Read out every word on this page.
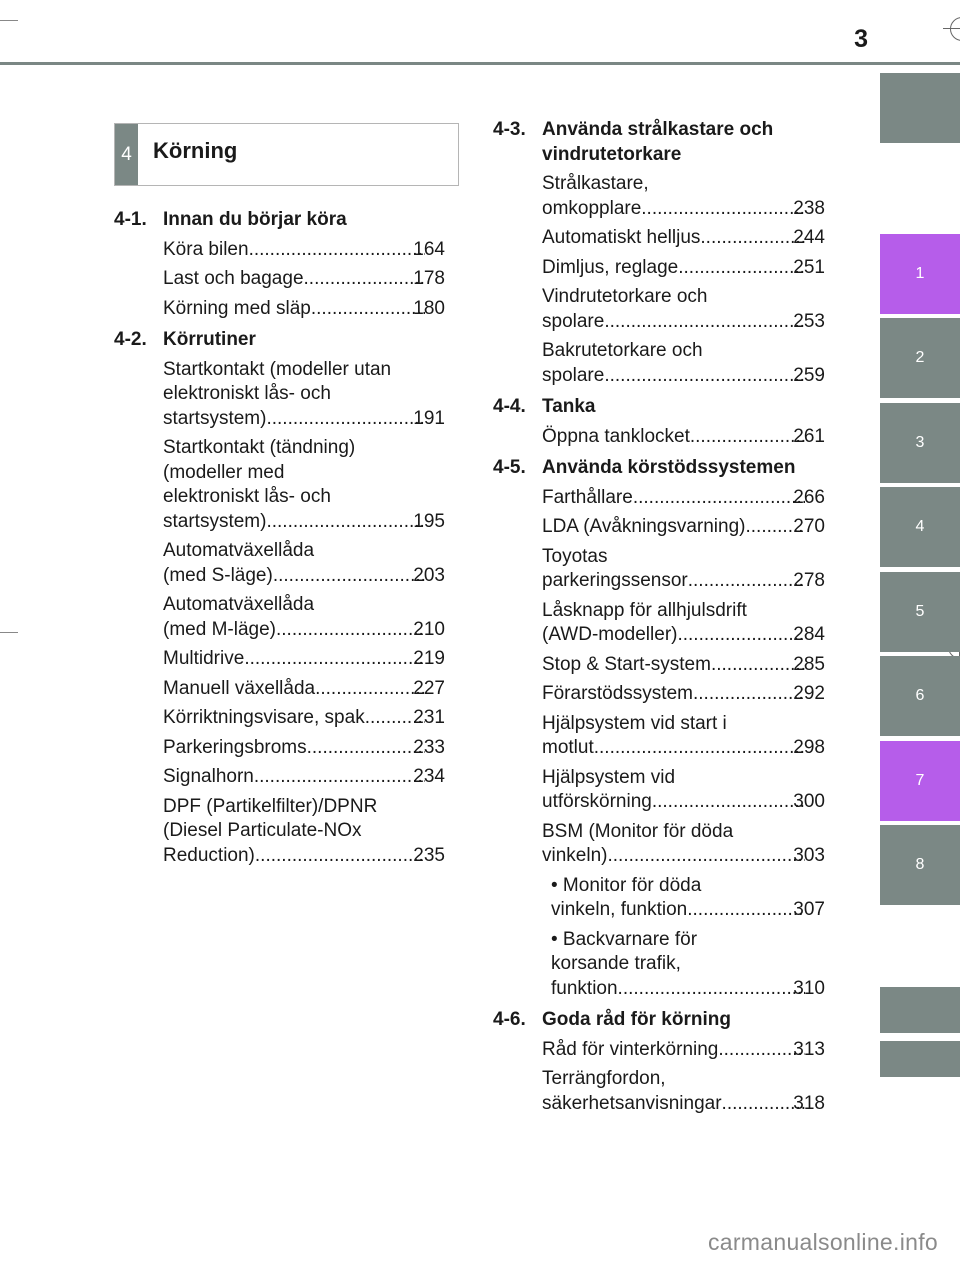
3
1
2
3
4
5
6
7
8
4 Körning
4-1. Innan du börjar köra
Köra bilen .....	164
Last och bagage .....	178
Körning med släp .....	180
4-2. Körrutiner
Startkontakt (modeller utan
elektroniskt lås- och
startsystem) .....	191
Startkontakt (tändning)
(modeller med
elektroniskt lås- och
startsystem) .....	195
Automatväxellåda
(med S-läge) .....	203
Automatväxellåda
(med M-läge) .....	210
Multidrive .....	219
Manuell växellåda .....	227
Körriktningsvisare, spak .....	231
Parkeringsbroms .....	233
Signalhorn .....	234
DPF (Partikelfilter)/DPNR
(Diesel Particulate-NOx
Reduction) .....	235
4-3. Använda strålkastare och
vindrutetorkare
Strålkastare,
omkopplare .....	238
Automatiskt helljus .....	244
Dimljus, reglage .....	251
Vindrutetorkare och
spolare .....	253
Bakrutetorkare och
spolare .....	259
4-4. Tanka
Öppna tanklocket .....	261
4-5. Använda körstödssystemen
Farthållare .....	266
LDA (Avåkningsvarning) .....	270
Toyotas
parkeringssensor .....	278
Låsknapp för allhjulsdrift
(AWD-modeller) .....	284
Stop & Start-system .....	285
Förarstödssystem .....	292
Hjälpsystem vid start i
motlut .....	298
Hjälpsystem vid
utförskörning .....	300
BSM (Monitor för döda
vinkeln) .....	303
• Monitor för döda
vinkeln, funktion .....	307
• Backvarnare för
korsande trafik,
funktion .....	310
4-6. Goda råd för körning
Råd för vinterkörning .....	313
Terrängfordon,
säkerhetsanvisningar .....	318
carmanualsonline.info
